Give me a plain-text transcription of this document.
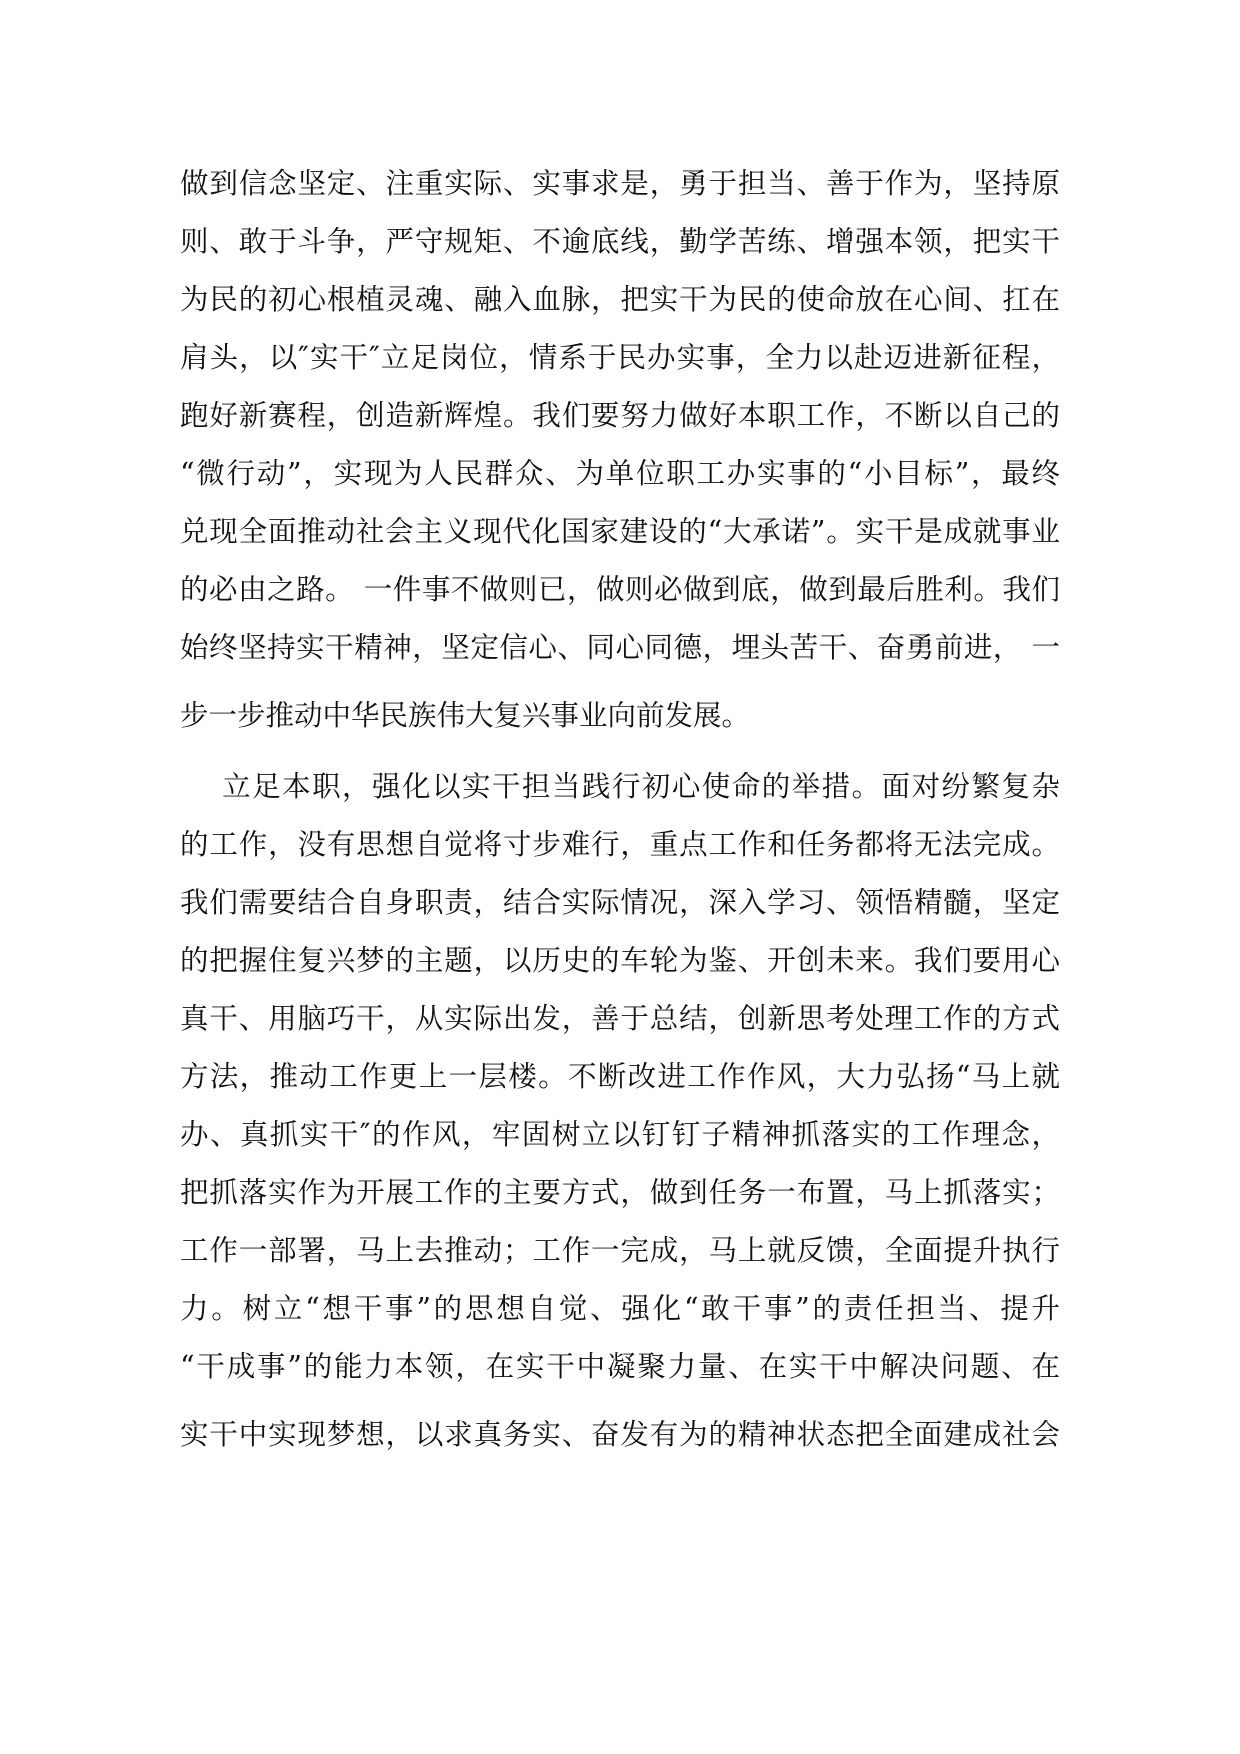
做到信念坚定、注重实际、实事求是，勇于担当、善于作为，坚持原
则、敢于斗争，严守规矩、不逾底线，勤学苦练、增强本领，把实干
为民的初心根植灵魂、融入血脉，把实干为民的使命放在心间、扛在
肩头，以″实干″立足岗位，情系于民办实事，全力以赴迈进新征程，
跑好新赛程，创造新辉煌。我们要努力做好本职工作，不断以自己的
“微行动”，实现为人民群众、为单位职工办实事的“小目标”，最终
兑现全面推动社会主义现代化国家建设的“大承诺”。实干是成就事业
的必由之路。 一件事不做则已，做则必做到底，做到最后胜利。我们
始终坚持实干精神，坚定信心、同心同德，埋头苦干、奋勇前进， 一
步一步推动中华民族伟大复兴事业向前发展。
立足本职，强化以实干担当践行初心使命的举措。面对纷繁复杂
的工作，没有思想自觉将寸步难行，重点工作和任务都将无法完成。
我们需要结合自身职责，结合实际情况，深入学习、领悟精髓，坚定
的把握住复兴梦的主题，以历史的车轮为鉴、开创未来。我们要用心
真干、用脑巧干，从实际出发，善于总结，创新思考处理工作的方式
方法，推动工作更上一层楼。不断改进工作作风，大力弘扬“马上就
办、真抓实干″的作风，牢固树立以钉钉子精神抓落实的工作理念，
把抓落实作为开展工作的主要方式，做到任务一布置，马上抓落实；
工作一部署，马上去推动；工作一完成，马上就反馈，全面提升执行
力。树立“想干事”的思想自觉、强化“敢干事”的责任担当、提升
“干成事”的能力本领，在实干中凝聚力量、在实干中解决问题、在
实干中实现梦想，以求真务实、奋发有为的精神状态把全面建成社会
